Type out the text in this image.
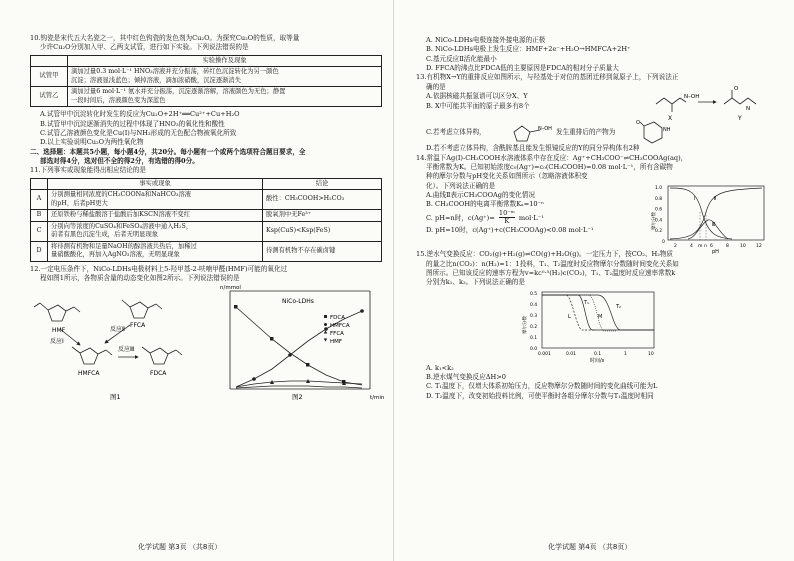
10.钩瓷是宋代五大名瓷之一，其中红色钩瓷的发色剂为Cu₂O。为探究Cu₂O的性质，取等量
少许Cu₂O分别加入甲、乙两支试管，进行如下实验。下列说法错误的是
	实验操作及现象
试管甲	滴加过量0.3 mol·L⁻¹ HNO₃溶液并充分振荡，砖红色沉淀转化为另一颜色
沉淀；溶液显浅蓝色；倾掉溶液，滴加浓硝酸，沉淀逐渐消失

试管乙	滴加过量6 mol·L⁻¹ 氨水并充分振荡，沉淀逐渐溶解，溶液颜色为无色；静置
一段时间后，溶液颜色变为深蓝色
A.试管甲中沉淀转化时发生的反应为Cu₂O+2H⁺══Cu²⁺+Cu+H₂O
B.试管甲中沉淀逐渐消失的过程中体现了HNO₃的氧化性和酸性
C.试管乙溶液颜色变化是Cu(I)与NH₃形成的无色配合物被氧化所致
D.以上实验说明Cu₂O为两性氧化物
二、选择题：本题共5小题，每小题4分，共20分。每小题有一个或两个选项符合题目要求，全
部选对得4分，选对但不全的得2分，有选错的得0分。
11.下列事实或现象能得出相应结论的是
	事实或现象	结论
A	分别测量相同浓度的CH₃COONa和NaHCO₃溶液
的pH，后者pH更大	酸性：CH₃COOH>H₂CO₃
B	还原铁粉与稀盐酸溶于盐酸后加KSCN溶液不变红	脱氧剂中无Fe³⁺
C	分别向等浓度的CuSO₄和FeSO₄溶液中通入H₂S，
前者有黑色沉淀生成，后者无明显现象	Ksp(CuS)<Ksp(FeS)
D	将待测有机物和足量NaOH的醇溶液共热后，加稀过
量硝酸酸化，再加入AgNO₃溶液，无明显现象	待测有机物不存在碳卤键
12.一定电压条件下，NiCo-LDHs电极材料上5-羟甲基-2-呋喃甲醛(HMF)可能的氧化过
程如图1所示，各物质含量的动态变化如图2所示。下列说法错误的是
HMF
FFCA
HMFCA	FDCA
反应Ⅰ
反应Ⅱ
反应Ⅲ
图1
n/mmol
t/min
NiCo-LDHs
FDCA
HMFCA
FFCA
HMF
图2
化学试题 第3页 （共8页）
A. NiCo-LDHs电极连接外接电源的正极
B. NiCo-LDHs电极上发生反应：HMF+2e⁻+H₂O→HMFCA+2H⁺
C.基元反应Ⅱ活化能最小
D. FFCA的沸点比FDCA低的主要原因是FDCA的相对分子质量大
13.有机物X→Y的重排反应如图所示，与羟基处于对位的基团迁移到氮原子上，下列说法正
确的是
A.依据核磁共振氢谱可以区分X、Y
B. X中可能共平面的原子最多有8个
N–OH
O
N
X	Y
C.若考虑立体异构，	N–OH 发生重排后的产物为
O
NH
D.若不考虑立体异构，含酰胺基且能发生银镜反应的Y的同分异构体有2种
14.常温下Ag(I)-CH₃COOH水溶液体系中存在反应：Ag⁺+CH₃COO⁻⇌CH₃COOAg(aq)，
平衡常数为K。已知初始浓度c₀(Ag⁺)=c₀(CH₃COOH)=0.08 mol·L⁻¹，所有含碳物
种的摩尔分数与pH变化关系如图所示（忽略溶液体积变
化）。下列说法正确的是
A.曲线Ⅱ表示CH₃COOAg的变化情况
B. CH₃COOH的电离平衡常数Kₐ=10⁻ⁿ
C. pH=n时，$c(Ag^+)= \frac{\text{10⁻ᵐ}}{K} mol\cdot L^{-1}$
D. pH=10时，c(Ag⁺)+c(CH₃COOAg)<0.08 mol·L⁻¹
1.0
0.8
0.6
0.4
0.2
0
2	4 m n 6	8 10 12
pH
摩尔分数
I	Ⅱ
Ⅲ
15.逆水气变换反应：CO₂(g)+H₂(g)⇌CO(g)+H₂O(g)。一定压力下，按CO₂、H₂物质
的量之比n(CO₂)：n(H₂)=1：1投料，T₁、T₂温度时反应物摩尔分数随时间变化关系如
图所示。已知该反应的速率方程为v=kc⁰·⁵(H₂)c(CO₂)，T₁、T₂温度时反应速率常数k
分别为k₁、k₂。下列说法正确的是
0.5
0.4
0.3
0.2
0.1
0.0
0.001	0.01	0.1	1	10
时间/s
摩尔分数
T₁
T₂
L	M
A. k₁<k₂
B.逆水煤气变换反应ΔH>0
C. T₁温度下，仅增大体系初始压力，反应物摩尔分数随时间的变化曲线可能为L
D. T₂温度下，改变初始投料比例，可使平衡时各组分摩尔分数与T₁温度时相同
化学试题 第4页 （共8页）
